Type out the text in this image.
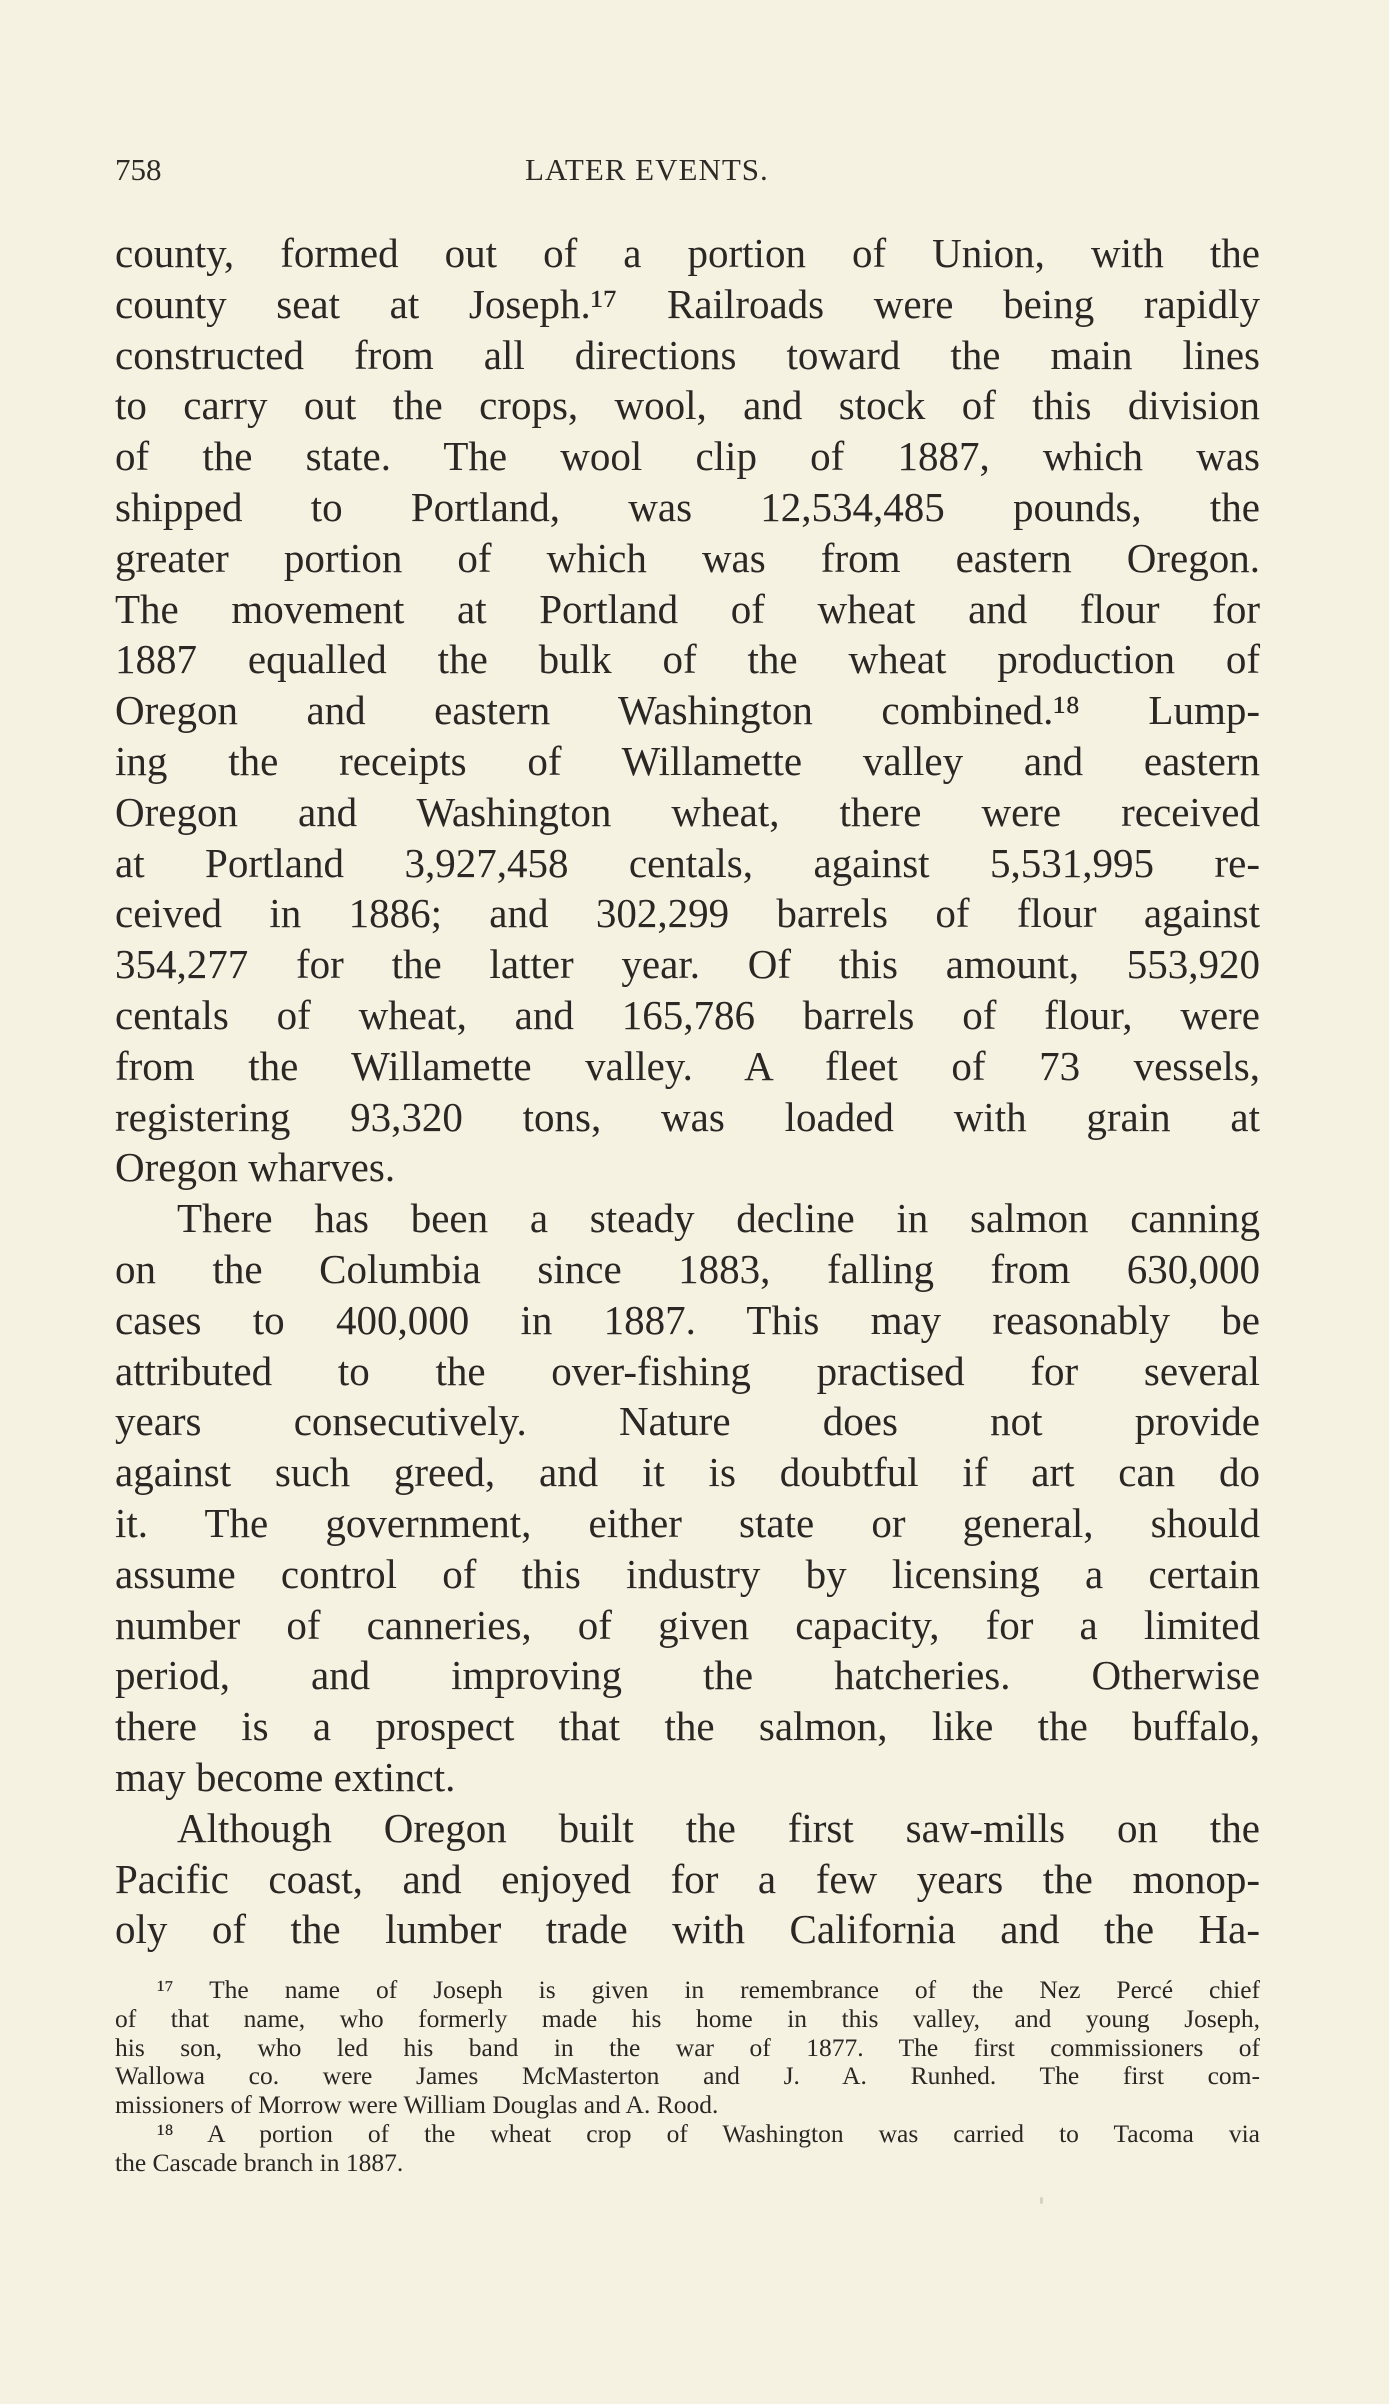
758	LATER EVENTS.
county, formed out of a portion of Union, with the
county seat at Joseph.¹⁷ Railroads were being rapidly
constructed from all directions toward the main lines
to carry out the crops, wool, and stock of this division
of the state. The wool clip of 1887, which was
shipped to Portland, was 12,534,485 pounds, the
greater portion of which was from eastern Oregon.
The movement at Portland of wheat and flour for
1887 equalled the bulk of the wheat production of
Oregon and eastern Washington combined.¹⁸ Lump-
ing the receipts of Willamette valley and eastern
Oregon and Washington wheat, there were received
at Portland 3,927,458 centals, against 5,531,995 re-
ceived in 1886; and 302,299 barrels of flour against
354,277 for the latter year. Of this amount, 553,920
centals of wheat, and 165,786 barrels of flour, were
from the Willamette valley. A fleet of 73 vessels,
registering 93,320 tons, was loaded with grain at
Oregon wharves.
There has been a steady decline in salmon canning
on the Columbia since 1883, falling from 630,000
cases to 400,000 in 1887. This may reasonably be
attributed to the over-fishing practised for several
years consecutively. Nature does not provide
against such greed, and it is doubtful if art can do
it. The government, either state or general, should
assume control of this industry by licensing a certain
number of canneries, of given capacity, for a limited
period, and improving the hatcheries. Otherwise
there is a prospect that the salmon, like the buffalo,
may become extinct.
Although Oregon built the first saw-mills on the
Pacific coast, and enjoyed for a few years the monop-
oly of the lumber trade with California and the Ha-
¹⁷ The name of Joseph is given in remembrance of the Nez Percé chief
of that name, who formerly made his home in this valley, and young Joseph,
his son, who led his band in the war of 1877. The first commissioners of
Wallowa co. were James McMasterton and J. A. Runhed. The first com-
missioners of Morrow were William Douglas and A. Rood.
¹⁸ A portion of the wheat crop of Washington was carried to Tacoma via
the Cascade branch in 1887.
